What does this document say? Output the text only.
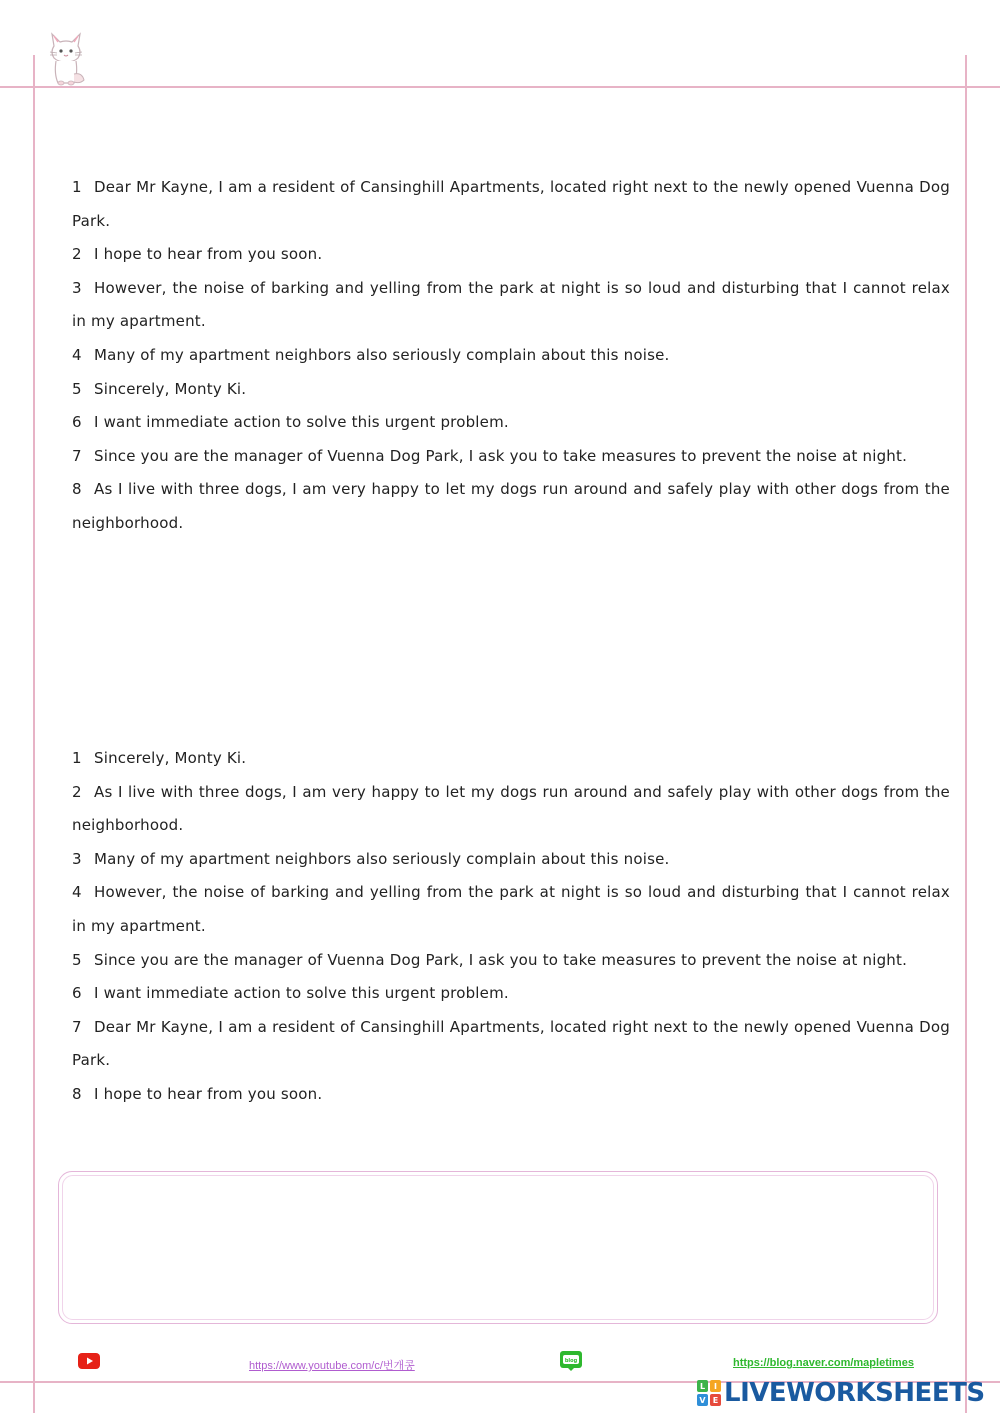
1 Dear Mr Kayne, I am a resident of Cansinghill Apartments, located right next to the newly opened Vuenna Dog Park.

2 I hope to hear from you soon.

3 However, the noise of barking and yelling from the park at night is so loud and disturbing that I cannot relax in my apartment.

4 Many of my apartment neighbors also seriously complain about this noise.

5 Sincerely, Monty Ki.

6 I want immediate action to solve this urgent problem.

7 Since you are the manager of Vuenna Dog Park, I ask you to take measures to prevent the noise at night.

8 As I live with three dogs, I am very happy to let my dogs run around and safely play with other dogs from the neighborhood.

1 Sincerely, Monty Ki.

2 As I live with three dogs, I am very happy to let my dogs run around and safely play with other dogs from the neighborhood.

3 Many of my apartment neighbors also seriously complain about this noise.

4 However, the noise of barking and yelling from the park at night is so loud and disturbing that I cannot relax in my apartment.

5 Since you are the manager of Vuenna Dog Park, I ask you to take measures to prevent the noise at night.

6 I want immediate action to solve this urgent problem.

7 Dear Mr Kayne, I am a resident of Cansinghill Apartments, located right next to the newly opened Vuenna Dog Park.

8 I hope to hear from you soon.

https://www.youtube.com/c/번개콩	blog	https://blog.naver.com/mapletimes
L	I
V E LIVEWORKSHEETS
